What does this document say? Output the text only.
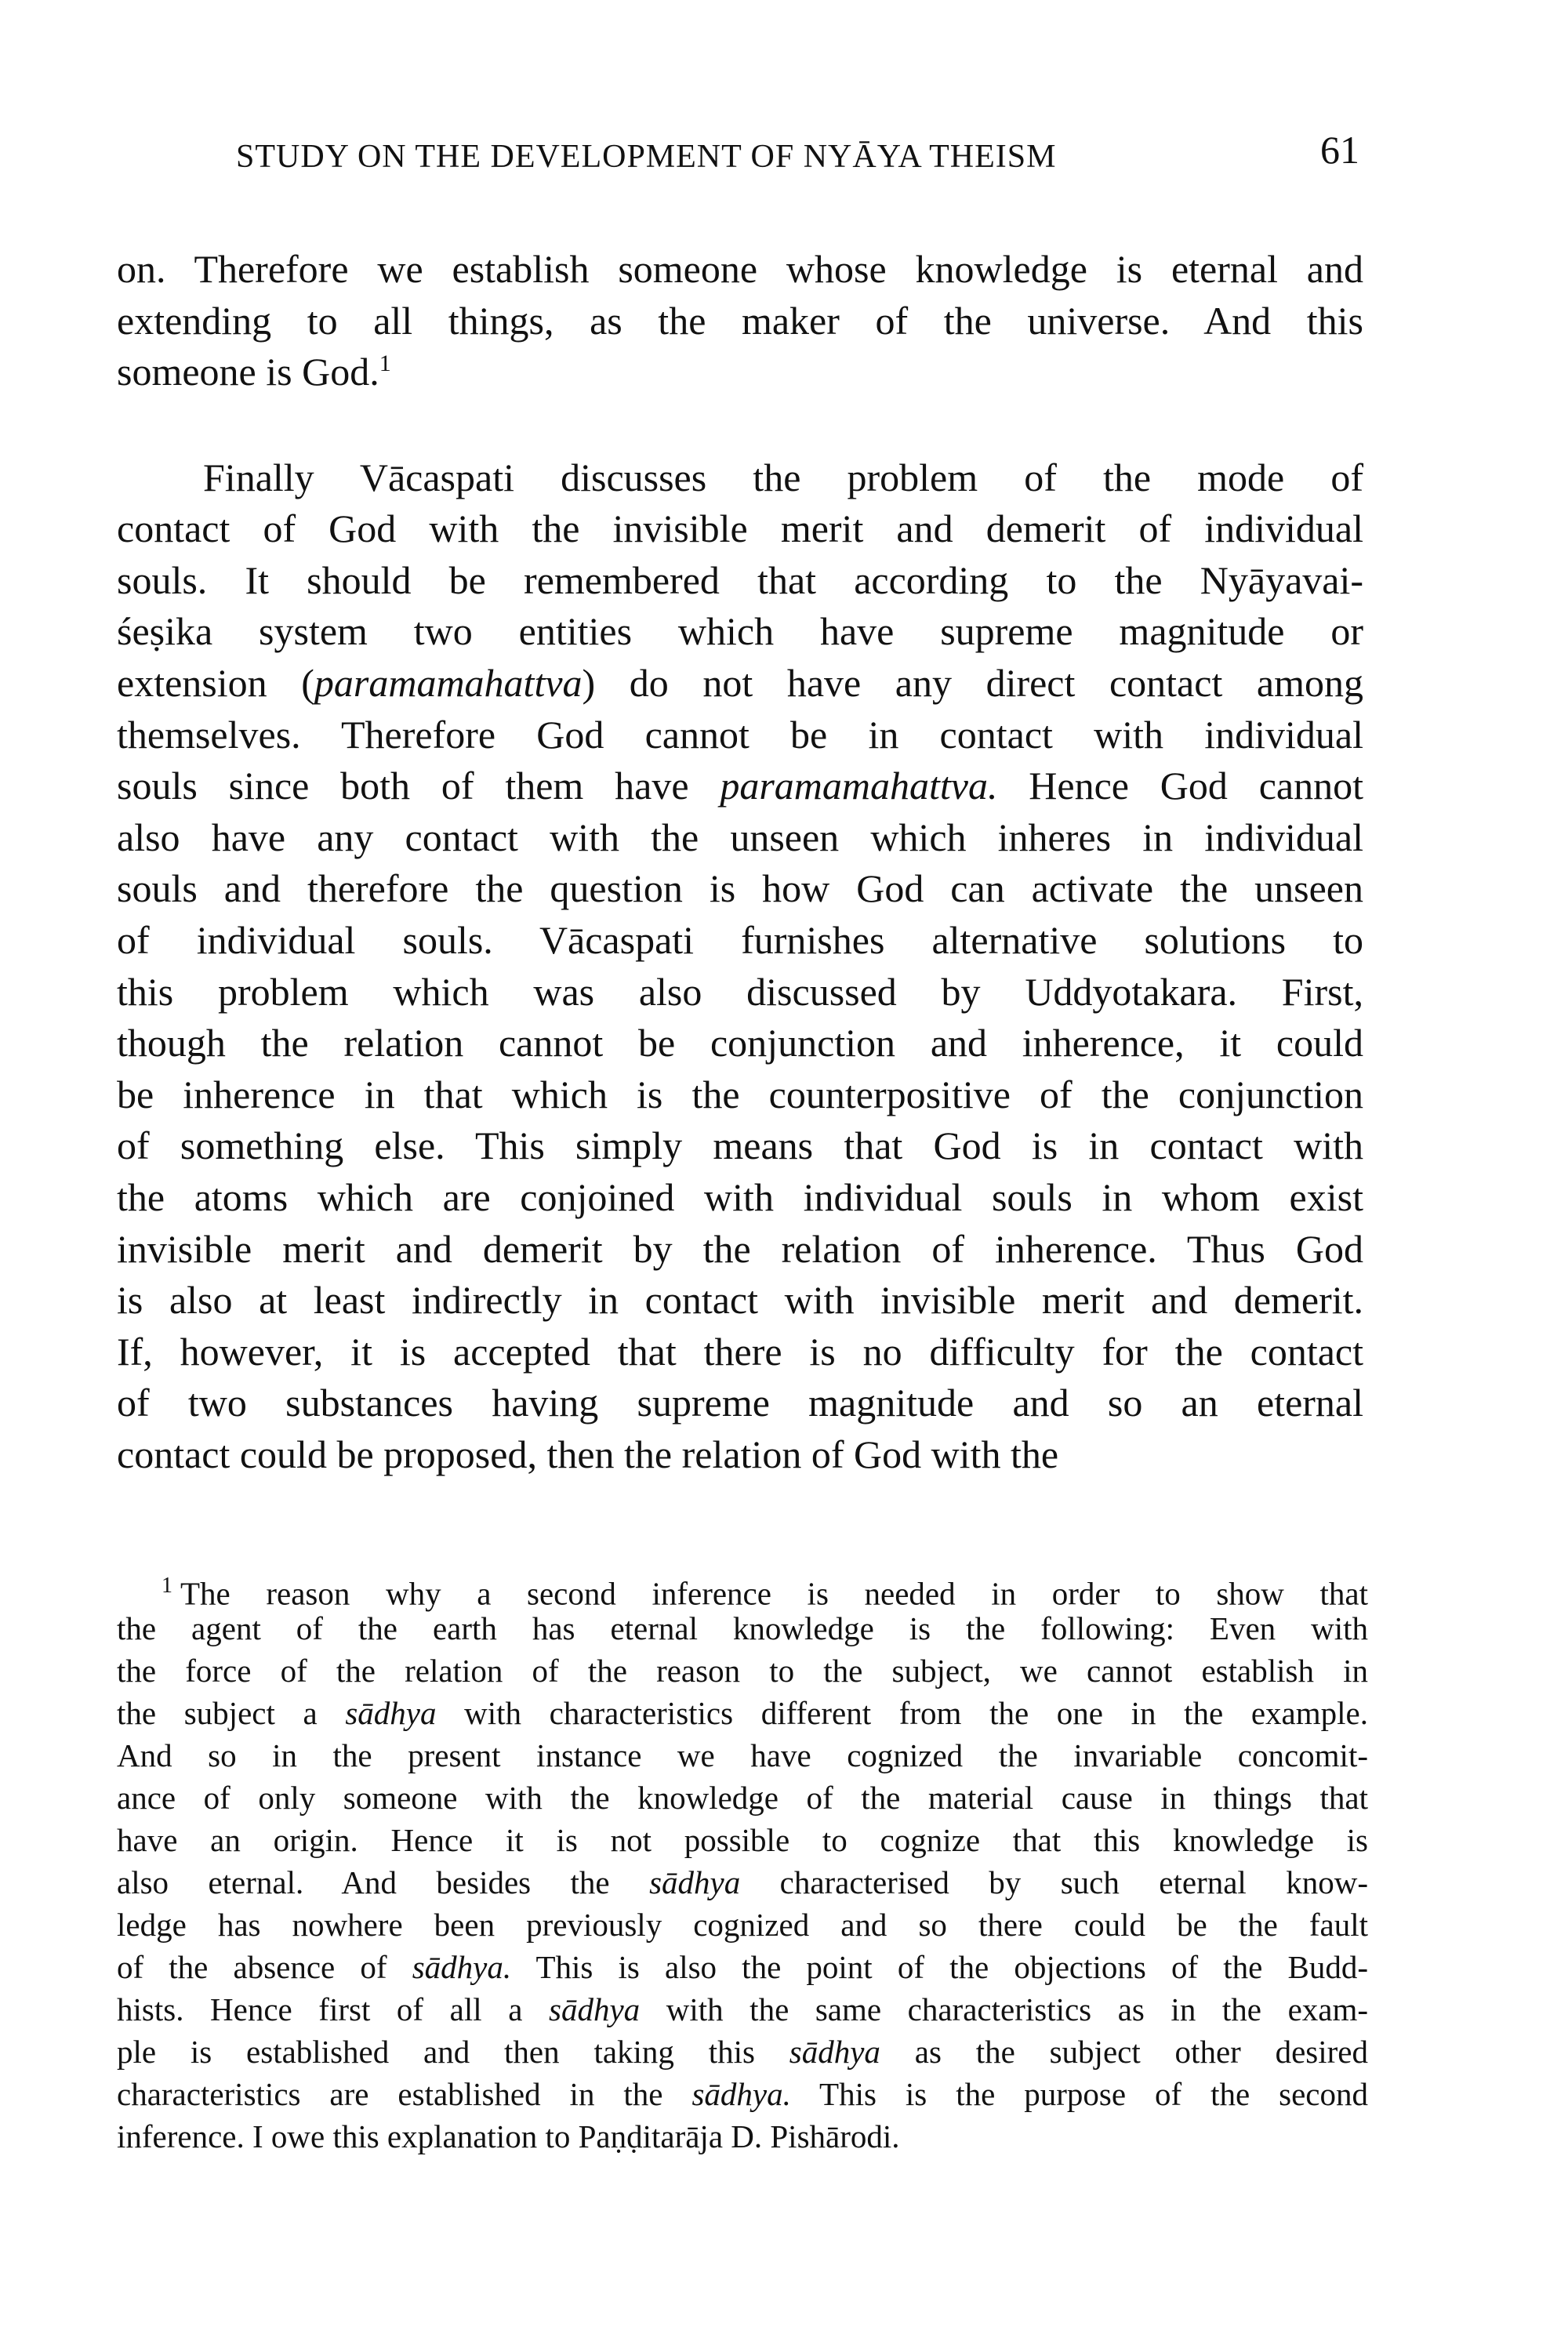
STUDY ON THE DEVELOPMENT OF NYĀYA THEISM	61
on. Therefore we establish someone whose knowledge is eternal and
extending to all things, as the maker of the universe. And this
someone is God.$^1$
Finally Vācaspati discusses the problem of the mode of
contact of God with the invisible merit and demerit of individual
souls. It should be remembered that according to the Nyāyavai-
śeṣika system two entities which have supreme magnitude or
extension (paramamahattva) do not have any direct contact among
themselves. Therefore God cannot be in contact with individual
souls since both of them have paramamahattva. Hence God cannot
also have any contact with the unseen which inheres in individual
souls and therefore the question is how God can activate the unseen
of individual souls. Vācaspati furnishes alternative solutions to
this problem which was also discussed by Uddyotakara. First,
though the relation cannot be conjunction and inherence, it could
be inherence in that which is the counterpositive of the conjunction
of something else. This simply means that God is in contact with
the atoms which are conjoined with individual souls in whom exist
invisible merit and demerit by the relation of inherence. Thus God
is also at least indirectly in contact with invisible merit and demerit.
If, however, it is accepted that there is no difficulty for the contact
of two substances having supreme magnitude and so an eternal
contact could be proposed, then the relation of God with the
$^1$ The reason why a second inference is needed in order to show that
the agent of the earth has eternal knowledge is the following: Even with
the force of the relation of the reason to the subject, we cannot establish in
the subject a sādhya with characteristics different from the one in the example.
And so in the present instance we have cognized the invariable concomit-
ance of only someone with the knowledge of the material cause in things that
have an origin. Hence it is not possible to cognize that this knowledge is
also eternal. And besides the sādhya characterised by such eternal know-
ledge has nowhere been previously cognized and so there could be the fault
of the absence of sādhya. This is also the point of the objections of the Budd-
hists. Hence first of all a sādhya with the same characteristics as in the exam-
ple is established and then taking this sādhya as the subject other desired
characteristics are established in the sādhya. This is the purpose of the second
inference. I owe this explanation to Paṇḍitarāja D. Pishārodi.
